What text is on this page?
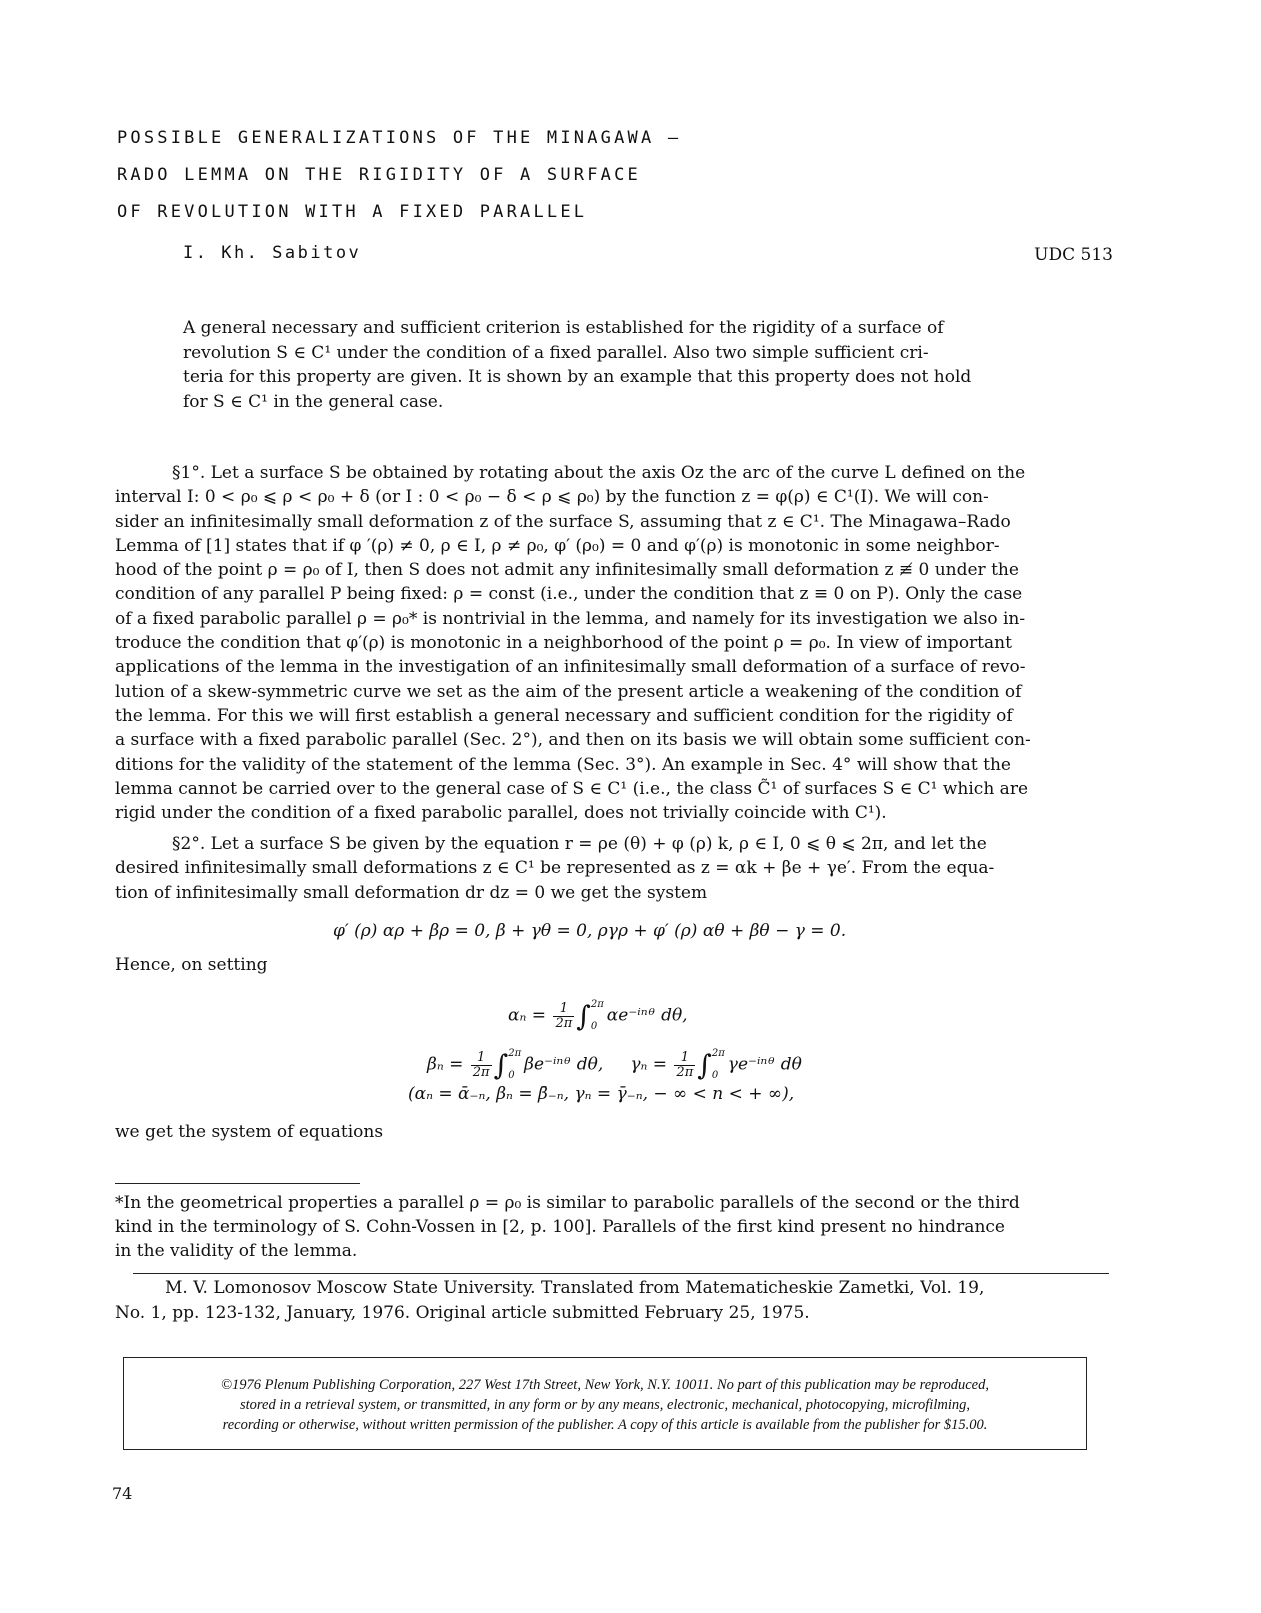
POSSIBLE GENERALIZATIONS OF THE MINAGAWA –
RADO LEMMA ON THE RIGIDITY OF A SURFACE
OF REVOLUTION WITH A FIXED PARALLEL
I. Kh. Sabitov	UDC 513
A general necessary and sufficient criterion is established for the rigidity of a surface of
revolution S ∈ C¹ under the condition of a fixed parallel. Also two simple sufficient cri-
teria for this property are given. It is shown by an example that this property does not hold
for S ∈ C¹ in the general case.
§1°. Let a surface S be obtained by rotating about the axis Oz the arc of the curve L defined on the
interval I: 0 < ρ₀ ⩽ ρ < ρ₀ + δ (or I : 0 < ρ₀ − δ < ρ ⩽ ρ₀) by the function z = φ(ρ) ∈ C¹(I). We will con-
sider an infinitesimally small deformation z of the surface S, assuming that z ∈ C¹. The Minagawa–Rado
Lemma of [1] states that if φ ′(ρ) ≠ 0, ρ ∈ I, ρ ≠ ρ₀, φ′ (ρ₀) = 0 and φ′(ρ) is monotonic in some neighbor-
hood of the point ρ = ρ₀ of I, then S does not admit any infinitesimally small deformation z ≢ 0 under the
condition of any parallel P being fixed: ρ = const (i.e., under the condition that z ≡ 0 on P). Only the case
of a fixed parabolic parallel ρ = ρ₀* is nontrivial in the lemma, and namely for its investigation we also in-
troduce the condition that φ′(ρ) is monotonic in a neighborhood of the point ρ = ρ₀. In view of important
applications of the lemma in the investigation of an infinitesimally small deformation of a surface of revo-
lution of a skew-symmetric curve we set as the aim of the present article a weakening of the condition of
the lemma. For this we will first establish a general necessary and sufficient condition for the rigidity of
a surface with a fixed parabolic parallel (Sec. 2°), and then on its basis we will obtain some sufficient con-
ditions for the validity of the statement of the lemma (Sec. 3°). An example in Sec. 4° will show that the
lemma cannot be carried over to the general case of S ∈ C¹ (i.e., the class C̃¹ of surfaces S ∈ C¹ which are
rigid under the condition of a fixed parabolic parallel, does not trivially coincide with C¹).
§2°. Let a surface S be given by the equation r = ρe (θ) + φ (ρ) k, ρ ∈ I, 0 ⩽ θ ⩽ 2π, and let the
desired infinitesimally small deformations z ∈ C¹ be represented as z = αk + βe + γe′. From the equa-
tion of infinitesimally small deformation dr dz = 0 we get the system
φ′ (ρ) αρ + βρ = 0, β + γθ = 0, ργρ + φ′ (ρ) αθ + βθ − γ = 0.
Hence, on setting
$\alpha_n = \frac{1}{2\pi}$ ∫ 2π
0
αe⁻ⁱⁿᶿ dθ,
$\beta_n = \frac{1}{2\pi}$ ∫ 2π
0
βe⁻ⁱⁿᶿ dθ, $\gamma_n = \frac{1}{2\pi}$ ∫ 2π
0
γe⁻ⁱⁿᶿ dθ
(αₙ = ᾱ₋ₙ, βₙ = β̄₋ₙ, γₙ = γ̄₋ₙ, − ∞ < n < + ∞),
we get the system of equations
*In the geometrical properties a parallel ρ = ρ₀ is similar to parabolic parallels of the second or the third
kind in the terminology of S. Cohn-Vossen in [2, p. 100]. Parallels of the first kind present no hindrance
in the validity of the lemma.
M. V. Lomonosov Moscow State University. Translated from Matematicheskie Zametki, Vol. 19,
No. 1, pp. 123-132, January, 1976. Original article submitted February 25, 1975.
©1976 Plenum Publishing Corporation, 227 West 17th Street, New York, N.Y. 10011. No part of this publication may be reproduced,
stored in a retrieval system, or transmitted, in any form or by any means, electronic, mechanical, photocopying, microfilming,
recording or otherwise, without written permission of the publisher. A copy of this article is available from the publisher for $15.00.
74
